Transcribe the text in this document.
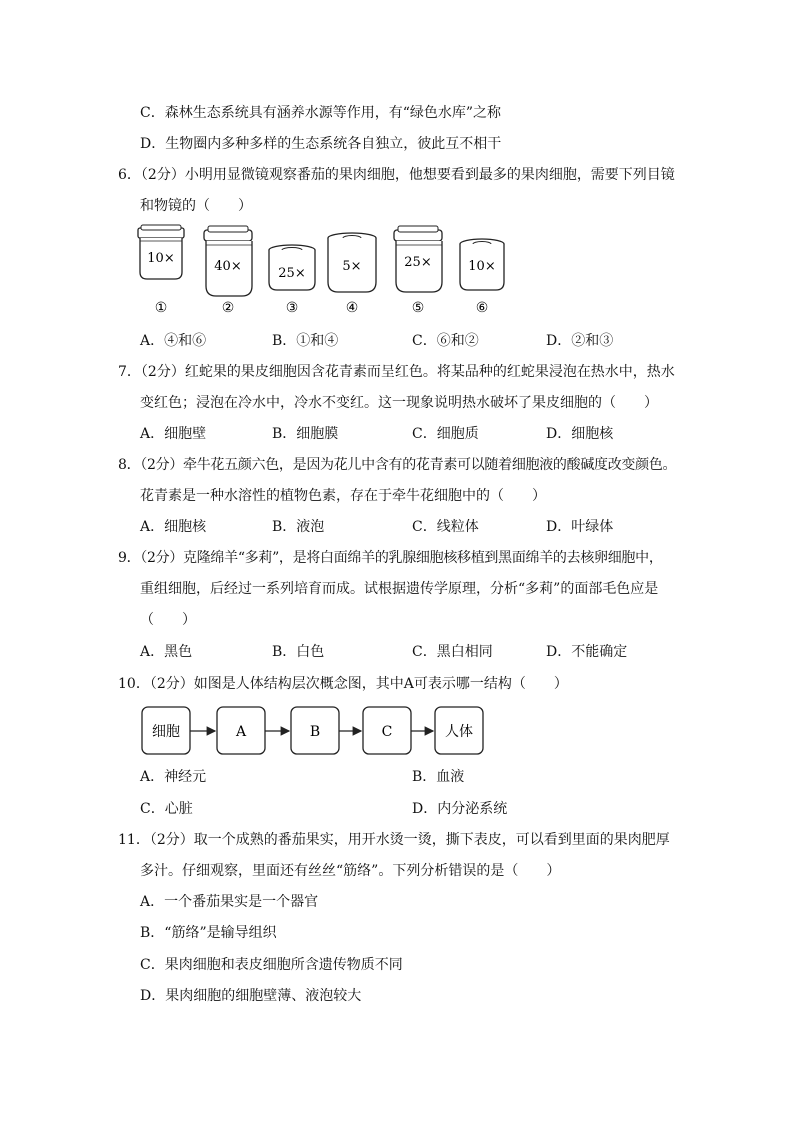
C．森林生态系统具有涵养水源等作用，有“绿色水库”之称
D．生物圈内多种多样的生态系统各自独立，彼此互不相干
6．（2分）小明用显微镜观察番茄的果肉细胞，他想要看到最多的果肉细胞，需要下列目镜
和物镜的（　　）
10×
①
40×
②
25×
③
5×
④
25×
⑤
10×
⑥
A．④和⑥	B．①和④	C．⑥和②	D．②和③
7．（2分）红蛇果的果皮细胞因含花青素而呈红色。将某品种的红蛇果浸泡在热水中，热水
变红色；浸泡在冷水中，冷水不变红。这一现象说明热水破坏了果皮细胞的（　　）
A．细胞壁	B．细胞膜	C．细胞质	D．细胞核
8．（2分）牵牛花五颜六色，是因为花儿中含有的花青素可以随着细胞液的酸碱度改变颜色。
花青素是一种水溶性的植物色素，存在于牵牛花细胞中的（　　）
A．细胞核	B．液泡	C．线粒体	D．叶绿体
9．（2分）克隆绵羊“多莉”，是将白面绵羊的乳腺细胞核移植到黑面绵羊的去核卵细胞中，
重组细胞，后经过一系列培育而成。试根据遗传学原理，分析“多莉”的面部毛色应是
（　　）
A．黑色	B．白色	C．黑白相同	D．不能确定
10．（2分）如图是人体结构层次概念图，其中A可表示哪一结构（　　）
细胞	A	B	C	人体
A．神经元	B．血液
C．心脏	D．内分泌系统
11．（2分）取一个成熟的番茄果实，用开水烫一烫，撕下表皮，可以看到里面的果肉肥厚
多汁。仔细观察，里面还有丝丝“筋络”。下列分析错误的是（　　）
A．一个番茄果实是一个器官
B．“筋络”是输导组织
C．果肉细胞和表皮细胞所含遗传物质不同
D．果肉细胞的细胞壁薄、液泡较大
